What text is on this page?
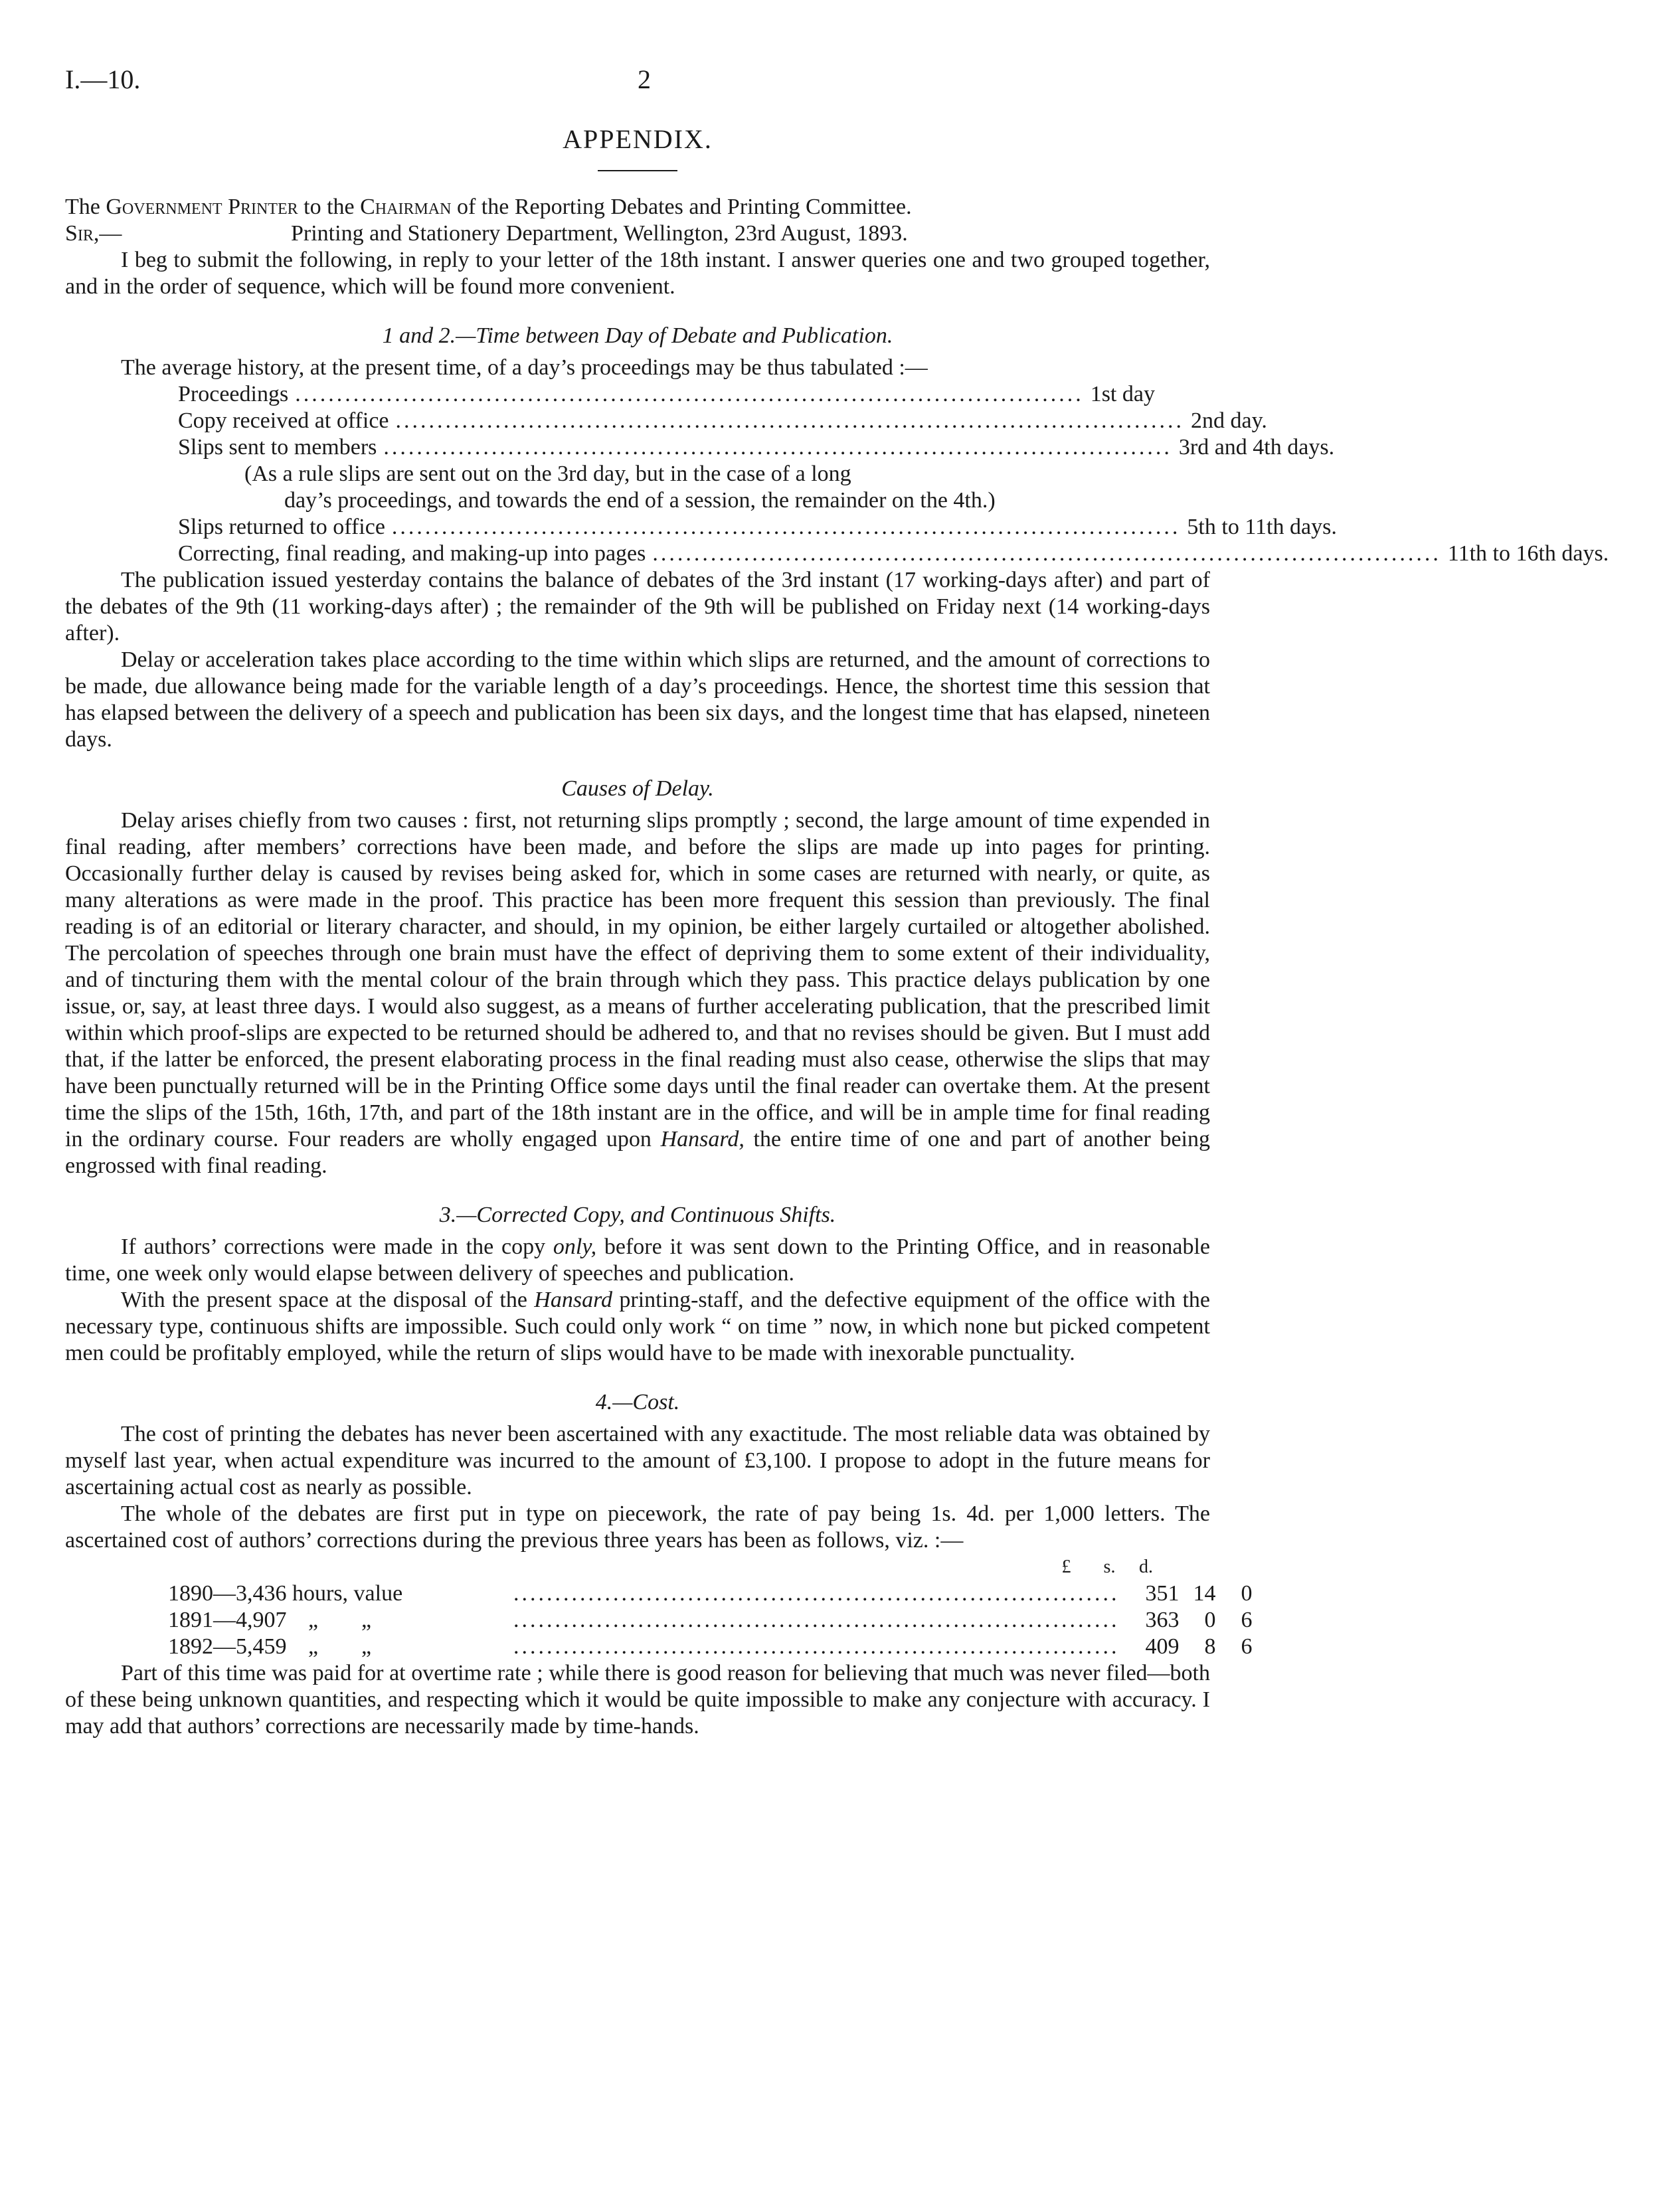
I.—10.	2
APPENDIX.

The Government Printer to the Chairman of the Reporting Debates and Printing Committee.

Sir,—	Printing and Stationery Department, Wellington, 23rd August, 1893.

I beg to submit the following, in reply to your letter of the 18th instant. I answer queries one and two grouped together, and in the order of sequence, which will be found more convenient.

1 and 2.—Time between Day of Debate and Publication.

The average history, at the present time, of a day’s proceedings may be thus tabulated :—

Proceedings ............................................................................................... 1st day
Copy received at office ............................................................................................... 2nd day.
Slips sent to members ............................................................................................... 3rd and 4th days.
(As a rule slips are sent out on the 3rd day, but in the case of a long
day’s proceedings, and towards the end of a session, the remainder on the 4th.)
Slips returned to office ............................................................................................... 5th to 11th days.
Correcting, final reading, and making-up into pages ............................................................................................... 11th to 16th days.

The publication issued yesterday contains the balance of debates of the 3rd instant (17 working-days after) and part of the debates of the 9th (11 working-days after) ; the remainder of the 9th will be published on Friday next (14 working-days after).

Delay or acceleration takes place according to the time within which slips are returned, and the amount of corrections to be made, due allowance being made for the variable length of a day’s proceedings. Hence, the shortest time this session that has elapsed between the delivery of a speech and publication has been six days, and the longest time that has elapsed, nineteen days.

Causes of Delay.

Delay arises chiefly from two causes : first, not returning slips promptly ; second, the large amount of time expended in final reading, after members’ corrections have been made, and before the slips are made up into pages for printing. Occasionally further delay is caused by revises being asked for, which in some cases are returned with nearly, or quite, as many alterations as were made in the proof. This practice has been more frequent this session than previously. The final reading is of an editorial or literary character, and should, in my opinion, be either largely curtailed or altogether abolished. The percolation of speeches through one brain must have the effect of depriving them to some extent of their individuality, and of tincturing them with the mental colour of the brain through which they pass. This practice delays publication by one issue, or, say, at least three days. I would also suggest, as a means of further accelerating publication, that the prescribed limit within which proof-slips are expected to be returned should be adhered to, and that no revises should be given. But I must add that, if the latter be enforced, the present elaborating process in the final reading must also cease, otherwise the slips that may have been punctually returned will be in the Printing Office some days until the final reader can overtake them. At the present time the slips of the 15th, 16th, 17th, and part of the 18th instant are in the office, and will be in ample time for final reading in the ordinary course. Four readers are wholly engaged upon Hansard, the entire time of one and part of another being engrossed with final reading.

3.—Corrected Copy, and Continuous Shifts.

If authors’ corrections were made in the copy only, before it was sent down to the Printing Office, and in reasonable time, one week only would elapse between delivery of speeches and publication.

With the present space at the disposal of the Hansard printing-staff, and the defective equipment of the office with the necessary type, continuous shifts are impossible. Such could only work “ on time ” now, in which none but picked competent men could be profitably employed, while the return of slips would have to be made with inexorable punctuality.

4.—Cost.

The cost of printing the debates has never been ascertained with any exactitude. The most reliable data was obtained by myself last year, when actual expenditure was incurred to the amount of £3,100. I propose to adopt in the future means for ascertaining actual cost as nearly as possible.

The whole of the debates are first put in type on piecework, the rate of pay being 1s. 4d. per 1,000 letters. The ascertained cost of authors’ corrections during the previous three years has been as follows, viz. :—

£	s.	d.
1890—3,436 hours, value	.........................................................................	351 14	0
1891—4,907 „ „	.........................................................................	363	0	6
1892—5,459 „ „	.........................................................................	409	8	6

Part of this time was paid for at overtime rate ; while there is good reason for believing that much was never filed—both of these being unknown quantities, and respecting which it would be quite impossible to make any conjecture with accuracy. I may add that authors’ corrections are necessarily made by time-hands.
